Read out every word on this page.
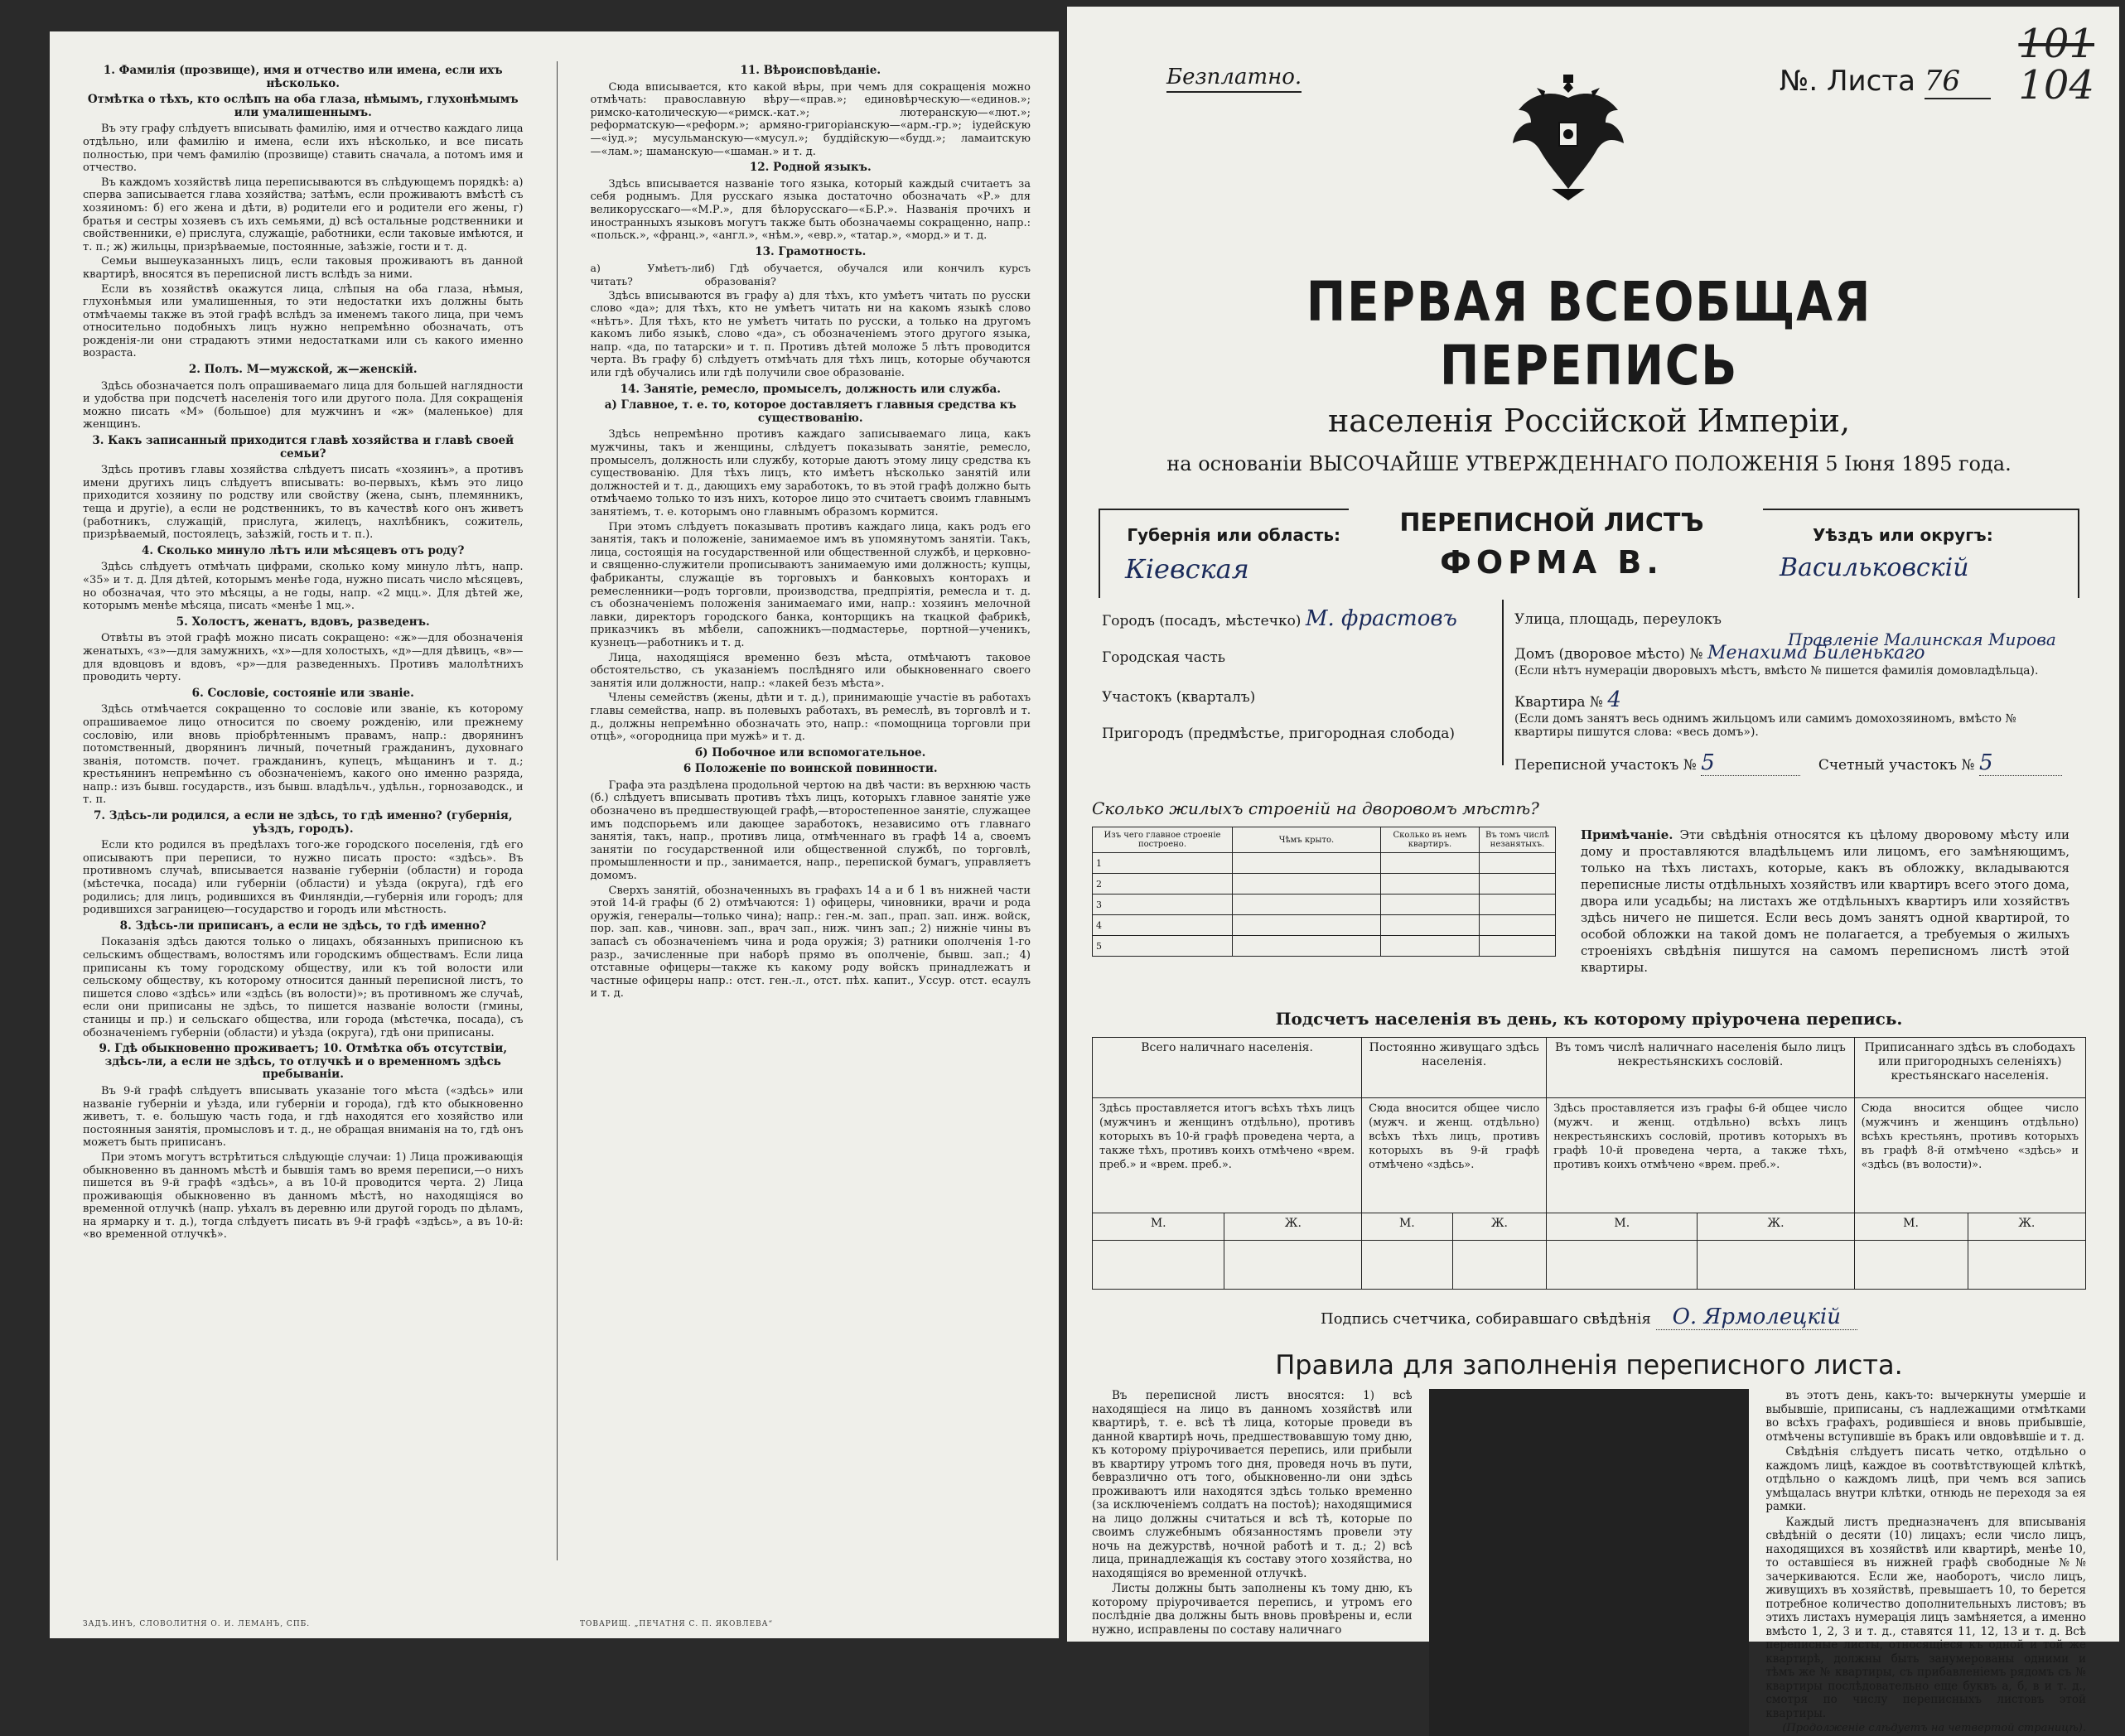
1. Фамилія (прозвище), имя и отчество или имена, если ихъ нѣсколько.
Отмѣтка о тѣхъ, кто ослѣпъ на оба глаза, нѣмымъ, глухонѣмымъ или умалишеннымъ.

Въ эту графу слѣдуетъ вписывать фамилію, имя и отчество каждаго лица отдѣльно, или фамилію и имена, если ихъ нѣсколько, и все писать полностью, при чемъ фамилію (прозвище) ставить сначала, а потомъ имя и отчество.

Въ каждомъ хозяйствѣ лица переписываются въ слѣдующемъ порядкѣ: а) сперва записывается глава хозяйства; затѣмъ, если проживаютъ вмѣстѣ съ хозяиномъ: б) его жена и дѣти, в) родители его и родители его жены, г) братья и сестры хозяевъ съ ихъ семьями, д) всѣ остальные родственники и свойственники, е) прислуга, служащіе, работники, если таковые имѣются, и т. п.; ж) жильцы, призрѣваемые, постоянные, заѣзжіе, гости и т. д.

Семьи вышеуказанныхъ лицъ, если таковыя проживаютъ въ данной квартирѣ, вносятся въ переписной листъ вслѣдъ за ними.

Если въ хозяйствѣ окажутся лица, слѣпыя на оба глаза, нѣмыя, глухонѣмыя или умалишенныя, то эти недостатки ихъ должны быть отмѣчаемы также въ этой графѣ вслѣдъ за именемъ такого лица, при чемъ относительно подобныхъ лицъ нужно непремѣнно обозначать, отъ рожденія-ли они страдаютъ этими недостатками или съ какого именно возраста.

2. Полъ. М—мужской, ж—женскій.

Здѣсь обозначается полъ опрашиваемаго лица для большей наглядности и удобства при подсчетѣ населенія того или другого пола. Для сокращенія можно писать «М» (большое) для мужчинъ и «ж» (маленькое) для женщинъ.

3. Какъ записанный приходится главѣ хозяйства и главѣ своей семьи?

Здѣсь противъ главы хозяйства слѣдуетъ писать «хозяинъ», а противъ имени другихъ лицъ слѣдуетъ вписывать: во-первыхъ, кѣмъ это лицо приходится хозяину по родству или свойству (жена, сынъ, племянникъ, теща и другіе), а если не родственникъ, то въ качествѣ кого онъ живетъ (работникъ, служащій, прислуга, жилецъ, нахлѣбникъ, сожитель, призрѣваемый, постоялецъ, заѣзжій, гость и т. п.).

4. Сколько минуло лѣтъ или мѣсяцевъ отъ роду?

Здѣсь слѣдуетъ отмѣчать цифрами, сколько кому минуло лѣтъ, напр. «35» и т. д. Для дѣтей, которымъ менѣе года, нужно писать число мѣсяцевъ, но обозначая, что это мѣсяцы, а не годы, напр. «2 мцц.». Для дѣтей же, которымъ менѣе мѣсяца, писать «менѣе 1 мц.».

5. Холостъ, женатъ, вдовъ, разведенъ.

Отвѣты въ этой графѣ можно писать сокращено: «ж»—для обозначенія женатыхъ, «з»—для замужнихъ, «х»—для холостыхъ, «д»—для дѣвицъ, «в»—для вдовцовъ и вдовъ, «р»—для разведенныхъ. Противъ малолѣтнихъ проводить черту.

6. Сословіе, состояніе или званіе.

Здѣсь отмѣчается сокращенно то сословіе или званіе, къ которому опрашиваемое лицо относится по своему рожденію, или прежнему сословію, или вновь пріобрѣтеннымъ правамъ, напр.: дворянинъ потомственный, дворянинъ личный, почетный гражданинъ, духовнаго званія, потомств. почет. гражданинъ, купецъ, мѣщанинъ и т. д.; крестьянинъ непремѣнно съ обозначеніемъ, какого оно именно разряда, напр.: изъ бывш. государств., изъ бывш. владѣльч., удѣльн., горнозаводск., и т. п.

7. Здѣсь-ли родился, а если не здѣсь, то гдѣ именно? (губернія, уѣздъ, городъ).

Если кто родился въ предѣлахъ того-же городского поселенія, гдѣ его описываютъ при переписи, то нужно писать просто: «здѣсь». Въ противномъ случаѣ, вписывается названіе губерніи (области) и города (мѣстечка, посада) или губерніи (области) и уѣзда (округа), гдѣ его родились; для лицъ, родившихся въ Финляндіи,—губернія или городъ; для родившихся заграницею—государство и городъ или мѣстность.

8. Здѣсь-ли приписанъ, а если не здѣсь, то гдѣ именно?

Показанія здѣсь даются только о лицахъ, обязанныхъ приписною къ сельскимъ обществамъ, волостямъ или городскимъ обществамъ. Если лица приписаны къ тому городскому обществу, или къ той волости или сельскому обществу, къ которому относится данный переписной листъ, то пишется слово «здѣсь» или «здѣсь (въ волости)»; въ противномъ же случаѣ, если они приписаны не здѣсь, то пишется названіе волости (гмины, станицы и пр.) и сельскаго общества, или города (мѣстечка, посада), съ обозначеніемъ губерніи (области) и уѣзда (округа), гдѣ они приписаны.

9. Гдѣ обыкновенно проживаетъ; 10. Отмѣтка объ отсутствіи, здѣсь-ли, а если не здѣсь, то отлучкѣ и о временномъ здѣсь пребываніи.

Въ 9-й графѣ слѣдуетъ вписывать указаніе того мѣста («здѣсь» или названіе губерніи и уѣзда, или губерніи и города), гдѣ кто обыкновенно живетъ, т. е. большую часть года, и гдѣ находятся его хозяйство или постоянныя занятія, промысловъ и т. д., не обращая вниманія на то, гдѣ онъ можетъ быть приписанъ.

При этомъ могутъ встрѣтиться слѣдующіе случаи: 1) Лица проживающія обыкновенно въ данномъ мѣстѣ и бывшія тамъ во время переписи,—о нихъ пишется въ 9-й графѣ «здѣсь», а въ 10-й проводится черта. 2) Лица проживающія обыкновенно въ данномъ мѣстѣ, но находящіяся во временной отлучкѣ (напр. уѣхалъ въ деревню или другой городъ по дѣламъ, на ярмарку и т. д.), тогда слѣдуетъ писать въ 9-й графѣ «здѣсь», а въ 10-й: «во временной отлучкѣ».

11. Вѣроисповѣданіе.

Сюда вписывается, кто какой вѣры, при чемъ для сокращенія можно отмѣчать: православную вѣру—«прав.»; единовѣрческую—«единов.»; римско-католическую—«римск.-кат.»; лютеранскую—«лют.»; реформатскую—«реформ.»; армяно-григоріанскую—«арм.-гр.»; іудейскую—«іуд.»; мусульманскую—«мусул.»; буддійскую—«будд.»; ламаитскую—«лам.»; шаманскую—«шаман.» и т. д.

12. Родной языкъ.

Здѣсь вписывается названіе того языка, который каждый считаетъ за себя роднымъ. Для русскаго языка достаточно обозначать «Р.» для великорусскаго—«М.Р.», для бѣлорусскаго—«Б.Р.». Названія прочихъ и иностранныхъ языковъ могутъ также быть обозначаемы сокращенно, напр.: «польск.», «франц.», «англ.», «нѣм.», «евр.», «татар.», «морд.» и т. д.

13. Грамотность.
а) Умѣетъ-ли читать?
б) Гдѣ обучается, обучался или кончилъ курсъ образованія?

Здѣсь вписываются въ графу а) для тѣхъ, кто умѣетъ читать по русски слово «да»; для тѣхъ, кто не умѣетъ читать ни на какомъ языкѣ слово «нѣтъ». Для тѣхъ, кто не умѣетъ читать по русски, а только на другомъ какомъ либо языкѣ, слово «да», съ обозначеніемъ этого другого языка, напр. «да, по татарски» и т. п. Противъ дѣтей моложе 5 лѣтъ проводится черта. Въ графу б) слѣдуетъ отмѣчать для тѣхъ лицъ, которые обучаются или гдѣ обучались или гдѣ получили свое образованіе.

14. Занятіе, ремесло, промыселъ, должность или служба.
а) Главное, т. е. то, которое доставляетъ главныя средства къ существованію.

Здѣсь непремѣнно противъ каждаго записываемаго лица, какъ мужчины, такъ и женщины, слѣдуетъ показывать занятіе, ремесло, промыселъ, должность или службу, которые даютъ этому лицу средства къ существованію. Для тѣхъ лицъ, кто имѣетъ нѣсколько занятій или должностей и т. д., дающихъ ему заработокъ, то въ этой графѣ должно быть отмѣчаемо только то изъ нихъ, которое лицо это считаетъ своимъ главнымъ занятіемъ, т. е. которымъ оно главнымъ образомъ кормится.

При этомъ слѣдуетъ показывать противъ каждаго лица, какъ родъ его занятія, такъ и положеніе, занимаемое имъ въ упомянутомъ занятіи. Такъ, лица, состоящія на государственной или общественной службѣ, и церковно-и священно-служители прописываютъ занимаемую ими должность; купцы, фабриканты, служащіе въ торговыхъ и банковыхъ конторахъ и ремесленники—родъ торговли, производства, предпріятія, ремесла и т. д. съ обозначеніемъ положенія занимаемаго ими, напр.: хозяинъ мелочной лавки, директоръ городского банка, конторщикъ на ткацкой фабрикѣ, приказчикъ въ мѣбели, сапожникъ—подмастерье, портной—ученикъ, кузнецъ—работникъ и т. д.

Лица, находящіяся временно безъ мѣста, отмѣчаютъ таковое обстоятельство, съ указаніемъ послѣдняго или обыкновеннаго своего занятія или должности, напр.: «лакей безъ мѣста».

Члены семействъ (жены, дѣти и т. д.), принимающіе участіе въ работахъ главы семейства, напр. въ полевыхъ работахъ, въ ремеслѣ, въ торговлѣ и т. д., должны непремѣнно обозначать это, напр.: «помощница торговли при отцѣ», «огородница при мужѣ» и т. д.

б) Побочное или вспомогательное.
6 Положеніе по воинской повинности.

Графа эта раздѣлена продольной чертою на двѣ части: въ верхнюю часть (б.) слѣдуетъ вписывать противъ тѣхъ лицъ, которыхъ главное занятіе уже обозначено въ предшествующей графѣ,—второстепенное занятіе, служащее имъ подспорьемъ или дающее заработокъ, независимо отъ главнаго занятія, такъ, напр., противъ лица, отмѣченнаго въ графѣ 14 а, своемъ занятіи по государственной или общественной службѣ, по торговлѣ, промышленности и пр., занимается, напр., перепиской бумагъ, управляетъ домомъ.

Сверхъ занятій, обозначенныхъ въ графахъ 14 а и б 1 въ нижней части этой 14-й графы (б 2) отмѣчаются: 1) офицеры, чиновники, врачи и рода оружія, генералы—только чина); напр.: ген.-м. зап., прап. зап. инж. войск, пор. зап. кав., чиновн. зап., врач зап., ниж. чинъ зап.; 2) нижніе чины въ запасѣ съ обозначеніемъ чина и рода оружія; 3) ратники ополченія 1-го разр., зачисленные при наборѣ прямо въ ополченіе, бывш. зап.; 4) отставные офицеры—также къ какому роду войскъ принадлежатъ и частные офицеры напр.: отст. ген.-л., отст. пѣх. капит., Уссур. отст. есаулъ и т. д.

ЗАДЪ.ИНЪ, СЛОВОЛИТНЯ О. И. ЛЕМАНЪ, СПБ.	ТОВАРИЩ. „ПЕЧАТНЯ С. П. ЯКОВЛЕВА“
Безплатно.	№. Листа 76
101
104
ПЕРВАЯ ВСЕОБЩАЯ ПЕРЕПИСЬ
населенія Россійской Имперіи,
на основаніи ВЫСОЧАЙШЕ УТВЕРЖДЕННАГО ПОЛОЖЕНІЯ 5 Іюня 1895 года.
Губернія или область:
Кіевская
ПЕРЕПИСНОЙ ЛИСТЪ
ФОРМА В.
Уѣздъ или округъ:
Васильковскій
Городъ (посадъ, мѣстечко) М. фрастовъ
Городская часть
Участокъ (кварталъ)
Пригородъ (предмѣстье, пригородная слобода)
Улица, площадь, переулокъ
Домъ (дворовое мѣсто) № Менахима Биленькаго
Правленіе Малинская Мирова
(Если нѣтъ нумерацiи дворовыхъ мѣстъ, вмѣсто № пишется фамилiя домовладѣльца).
Квартира № 4
(Если домъ занятъ весь однимъ жильцомъ или самимъ домохозяиномъ, вмѣсто № квартиры пишутся слова: «весь домъ»).
Переписной участокъ № 5	Счетный участокъ № 5
Сколько жилыхъ строеній на дворовомъ мѣстѣ?
Изъ чего главное строеніе построено.	Чѣмъ крыто.	Сколько въ немъ квартиръ.	Въ томъ числѣ незанятыхъ.
1			
2			
3			
4			
5			
Примѣчаніе. Эти свѣдѣнія относятся къ цѣлому дворовому мѣсту или дому и проставляются владѣльцемъ или лицомъ, его замѣняющимъ, только на тѣхъ листахъ, которые, какъ въ обложку, вкладываются переписные листы отдѣльныхъ хозяйствъ или квартиръ всего этого дома, двора или усадьбы; на листахъ же отдѣльныхъ квартиръ или хозяйствъ здѣсь ничего не пишется. Если весь домъ занятъ одной квартирой, то особой обложки на такой домъ не полагается, а требуемыя о жилыхъ строеніяхъ свѣдѣнія пишутся на самомъ переписномъ листѣ этой квартиры.
Подсчетъ населенія въ день, къ которому пріурочена перепись.
Всего наличнаго населенія.		Постоянно живущаго здѣсь населенія.		Въ томъ числѣ наличнаго населенія было лицъ некрестьянскихъ сословій.		Приписаннаго здѣсь въ слободахъ или пригородныхъ селеніяхъ) крестьянскаго населенія.	
Здѣсь проставляется итогъ всѣхъ тѣхъ лицъ (мужчинъ и женщинъ отдѣльно), противъ которыхъ въ 10-й графѣ проведена черта, а также тѣхъ, противъ коихъ отмѣчено «врем. преб.» и «врем. преб.».		Сюда вносится общее число (мужч. и женщ. отдѣльно) всѣхъ тѣхъ лицъ, противъ которыхъ въ 9-й графѣ отмѣчено «здѣсь».		Здѣсь проставляется изъ графы 6-й общее число (мужч. и женщ. отдѣльно) всѣхъ лицъ некрестьянскихъ сословій, противъ которыхъ въ графѣ 10-й проведена черта, а также тѣхъ, противъ коихъ отмѣчено «врем. преб.».		Сюда вносится общее число (мужчинъ и женщинъ отдѣльно) всѣхъ крестьянъ, противъ которыхъ въ графѣ 8-й отмѣчено «здѣсь» и «здѣсь (въ волости)».	
М.	Ж.	М.	Ж.	М.	Ж.	М.	Ж.

Подпись счетчика, собиравшаго свѣдѣнія О. Ярмолецкій
Правила для заполненія переписного листа.

Въ переписной листъ вносятся: 1) всѣ находящіеся на лицо въ данномъ хозяйствѣ или квартирѣ, т. е. всѣ тѣ лица, которые проведи въ данной квартирѣ ночь, предшествовавшую тому дню, къ которому пріурочивается перепись, или прибыли въ квартиру утромъ того дня, проведя ночь въ пути, бевразлично отъ того, обыкновенно-ли они здѣсь проживаютъ или находятся здѣсь только временно (за исключеніемъ солдатъ на постоѣ); находящимися на лицо должны считаться и всѣ тѣ, которые по своимъ служебнымъ обязанностямъ провели эту ночь на дежурствѣ, ночной работѣ и т. д.; 2) всѣ лица, принадлежащія къ составу этого хозяйства, но находящіяся во временной отлучкѣ.

Листы должны быть заполнены къ тому дню, къ которому пріурочивается перепись, и утромъ его послѣдніе два должны быть вновь провѣрены и, если нужно, исправлены по составу наличнаго

въ этотъ день, какъ-то: вычеркнуты умершіе и выбывшіе, приписаны, съ надлежащими отмѣтками во всѣхъ графахъ, родившіеся и вновь прибывшіе, отмѣчены вступившіе въ бракъ или овдовѣвшіе и т. д.

Свѣдѣнія слѣдуетъ писать четко, отдѣльно о каждомъ лицѣ, каждое въ соотвѣтствующей клѣткѣ, отдѣльно о каждомъ лицѣ, при чемъ вся запись умѣщалась внутри клѣтки, отнюдь не переходя за ея рамки.

Каждый листъ предназначенъ для вписыванія свѣдѣній о десяти (10) лицахъ; если число лицъ, находящихся въ хозяйствѣ или квартирѣ, менѣе 10, то оставшіеся въ нижней графѣ свободные №№ зачеркиваются. Если же, наоборотъ, число лицъ, живущихъ въ хозяйствѣ, превышаетъ 10, то берется потребное количество дополнительныхъ листовъ; въ этихъ листахъ нумерація лицъ замѣняется, а именно вмѣсто 1, 2, 3 и т. д., ставятся 11, 12, 13 и т. д. Всѣ переписные листы, относящіеся къ одной и той же квартирѣ, должны быть занумерованы одними и тѣмъ же № квартиры, съ прибавленіемъ рядомъ съ № квартиры послѣдовательно еще буквъ а, б, в и т. д., смотря по числу переписныхъ листовъ этой квартиры.

(Продолженіе слѣдуетъ на четвертой страницѣ).
